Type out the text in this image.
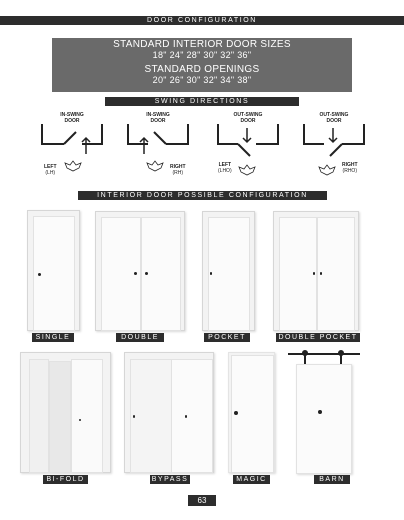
DOOR CONFIGURATION
STANDARD INTERIOR DOOR SIZES
18" 24" 28" 30" 32" 36"
STANDARD OPENINGS
20" 26" 30" 32" 34" 38"
SWING DIRECTIONS
IN-SWING
DOOR
LEFT
(LH)
IN-SWING
DOOR
RIGHT
(RH)
OUT-SWING
DOOR
LEFT
(LHO)
OUT-SWING
DOOR
RIGHT
(RHO)
INTERIOR DOOR POSSIBLE CONFIGURATION
SINGLE	DOUBLE	POCKET	DOUBLE POCKET
BI-FOLD	BYPASS	MAGIC	BARN
63
